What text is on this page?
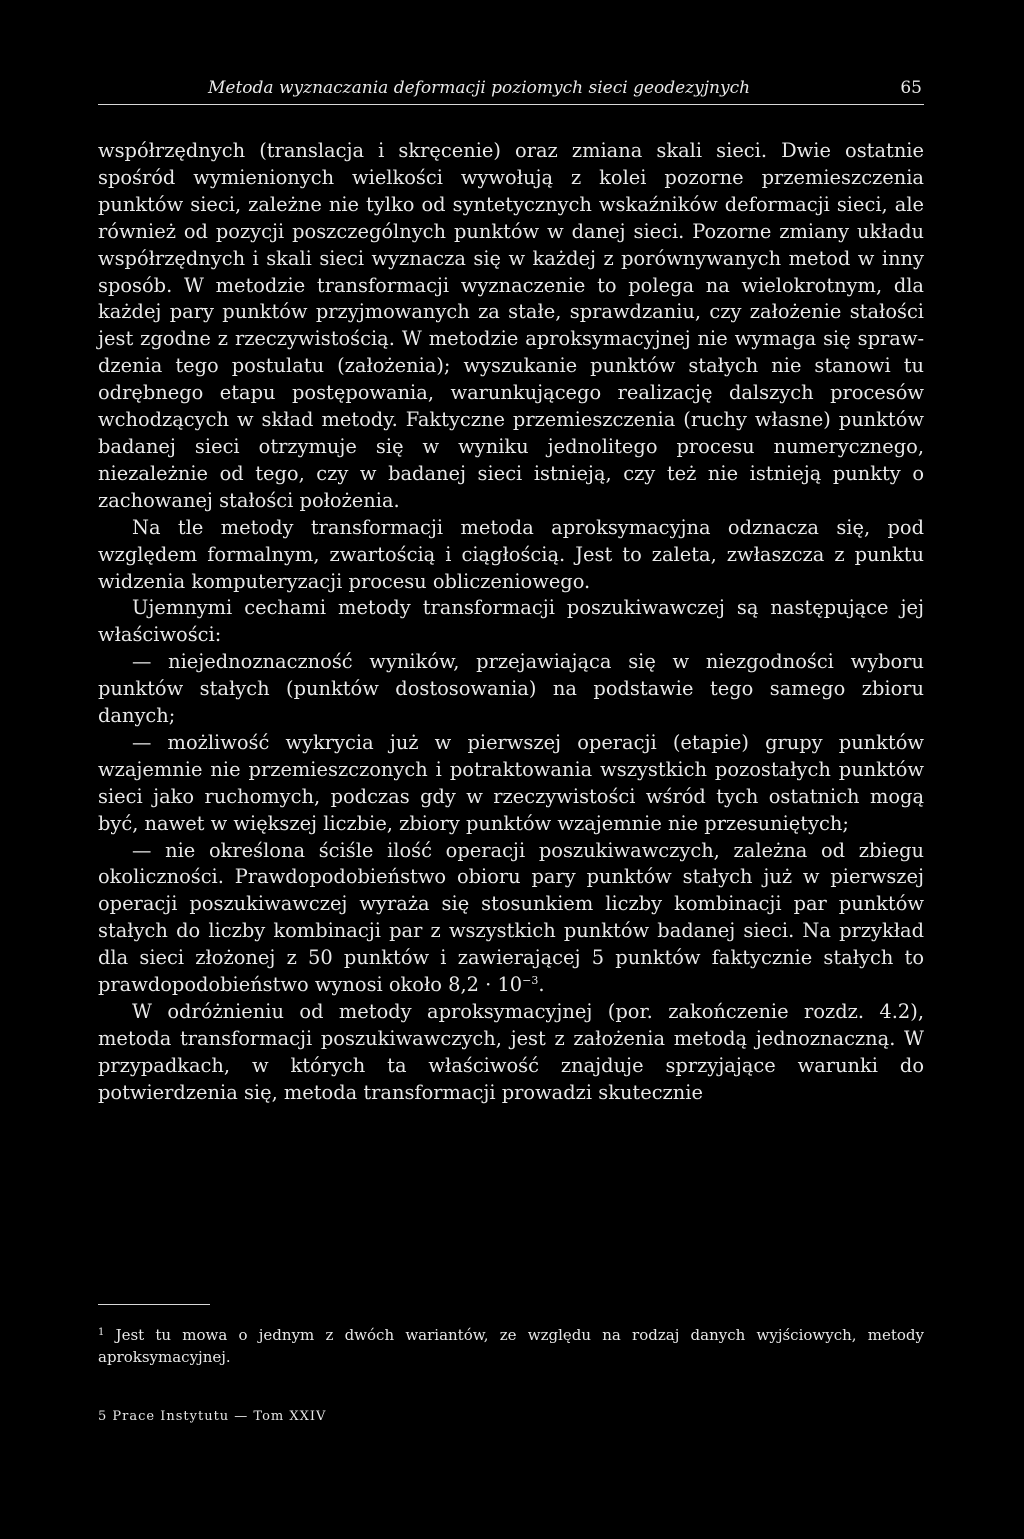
Metoda wyznaczania deformacji poziomych sieci geodezyjnych	65

współrzędnych (translacja i skręcenie) oraz zmiana skali sieci. Dwie ostatnie spośród wymienionych wielkości wywołują z kolei pozorne przemieszczenia punktów sieci, zależne nie tylko od syntetycznych wskaźników deformacji sieci, ale również od pozycji poszczególnych punktów w danej sieci. Pozorne zmiany układu współrzędnych i skali sieci wyznacza się w każdej z porównywanych metod w inny sposób. W metodzie transformacji wyznaczenie to polega na wielokrotnym, dla każdej pary punktów przyjmowanych za stałe, sprawdzaniu, czy założenie stałości jest zgodne z rzeczywistością. W metodzie aproksymacyjnej nie wymaga się sprawdzenia tego postulatu (założenia); wyszukanie punktów stałych nie stanowi tu odrębnego etapu postępowania, warunkującego realizację dalszych procesów wchodzących w skład metody. Faktyczne przemieszczenia (ruchy własne) punktów badanej sieci otrzymuje się w wyniku jednolitego procesu numerycznego, niezależnie od tego, czy w badanej sieci istnieją, czy też nie istnieją punkty o zachowanej stałości położenia.

Na tle metody transformacji metoda aproksymacyjna odznacza się, pod względem formalnym, zwartością i ciągłością. Jest to zaleta, zwłaszcza z punktu widzenia komputeryzacji procesu obliczeniowego.

Ujemnymi cechami metody transformacji poszukiwawczej są następujące jej właściwości:

— niejednoznaczność wyników, przejawiająca się w niezgodności wyboru punktów stałych (punktów dostosowania) na podstawie tego samego zbioru danych;

— możliwość wykrycia już w pierwszej operacji (etapie) grupy punktów wzajemnie nie przemieszczonych i potraktowania wszystkich pozostałych punktów sieci jako ruchomych, podczas gdy w rzeczywistości wśród tych ostatnich mogą być, nawet w większej liczbie, zbiory punktów wzajemnie nie przesuniętych;

— nie określona ściśle ilość operacji poszukiwawczych, zależna od zbiegu okoliczności. Prawdopodobieństwo obioru pary punktów stałych już w pierwszej operacji poszukiwawczej wyraża się stosunkiem liczby kombinacji par punktów stałych do liczby kombinacji par z wszystkich punktów badanej sieci. Na przykład dla sieci złożonej z 50 punktów i zawierającej 5 punktów faktycznie stałych to prawdopodobieństwo wynosi około $8,2 \cdot 10^{-3}$.

W odróżnieniu od metody aproksymacyjnej (por. zakończenie rozdz. 4.2), metoda transformacji poszukiwawczych, jest z założenia metodą jednoznaczną. W przypadkach, w których ta właściwość znajduje sprzyjające warunki do potwierdzenia się, metoda transformacji prowadzi skutecznie

$^1$ Jest tu mowa o jednym z dwóch wariantów, ze względu na rodzaj danych wyjściowych, metody aproksymacyjnej.
5 Prace Instytutu — Tom XXIV
